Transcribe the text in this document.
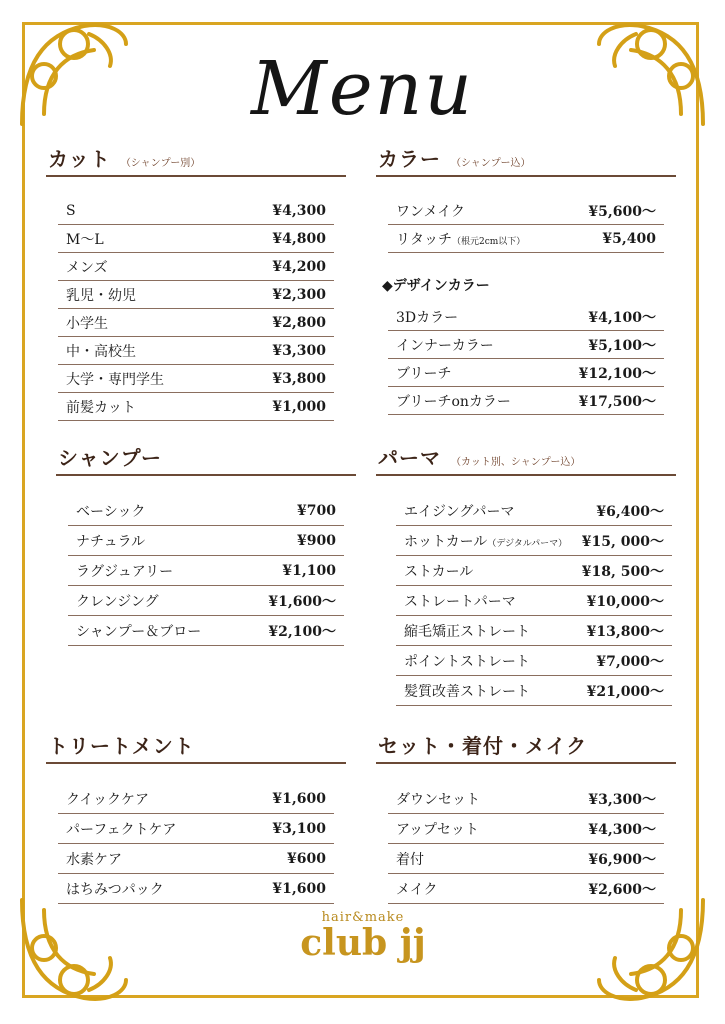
Menu
カット （シャンプー別）
S	¥4,300
M～L	¥4,800
メンズ	¥4,200
乳児・幼児	¥2,300
小学生	¥2,800
中・高校生	¥3,300
大学・専門学生	¥3,800
前髪カット	¥1,000
カラー （シャンプー込）
ワンメイク	¥5,600～
リタッチ（根元2cm以下）	¥5,400
◆デザインカラー
3Dカラー	¥4,100～
インナーカラー	¥5,100～
ブリーチ	¥12,100～
ブリーチonカラー	¥17,500～
シャンプー
ベーシック	¥700
ナチュラル	¥900
ラグジュアリー	¥1,100
クレンジング	¥1,600～
シャンプー＆ブロー	¥2,100～
パーマ （カット別、シャンプー込）
エイジングパーマ	¥6,400～
ホットカール（デジタルパーマ） ¥15, 000～
ストカール	¥18, 500～
ストレートパーマ	¥10,000～
縮毛矯正ストレート	¥13,800～
ポイントストレート	¥7,000～
髪質改善ストレート	¥21,000～
トリートメント
クイックケア	¥1,600
パーフェクトケア	¥3,100
水素ケア	¥600
はちみつパック	¥1,600
セット・着付・メイク
ダウンセット	¥3,300～
アップセット	¥4,300～
着付	¥6,900～
メイク	¥2,600～
hair&make
club jj
